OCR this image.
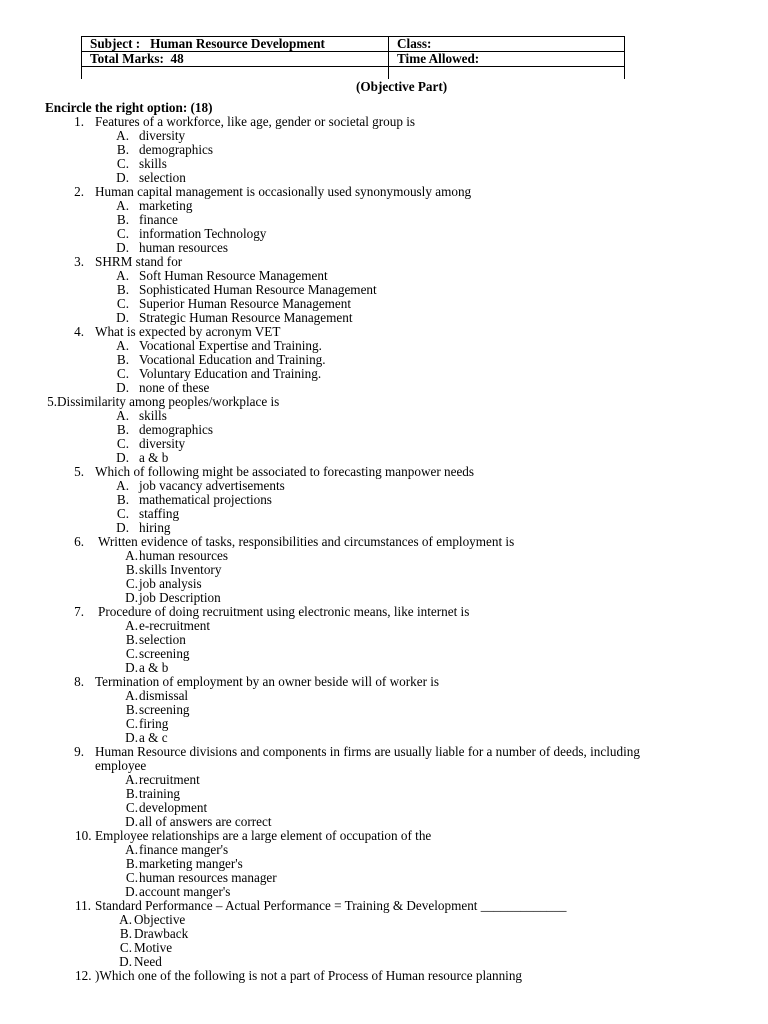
Subject : Human Resource Development	Class:
Total Marks: 48	Time Allowed:

(Objective Part)
Encircle the right option: (18)
1. Features of a workforce, like age, gender or societal group is
A. diversity
B. demographics
C. skills
D. selection
2. Human capital management is occasionally used synonymously among
A. marketing
B. finance
C. information Technology
D. human resources
3. SHRM stand for
A. Soft Human Resource Management
B. Sophisticated Human Resource Management
C. Superior Human Resource Management
D. Strategic Human Resource Management
4. What is expected by acronym VET
A. Vocational Expertise and Training.
B. Vocational Education and Training.
C. Voluntary Education and Training.
D. none of these
5. Dissimilarity among peoples/workplace is
A. skills
B. demographics
C. diversity
D. a & b
5. Which of following might be associated to forecasting manpower needs
A. job vacancy advertisements
B. mathematical projections
C. staffing
D. hiring
6. Written evidence of tasks, responsibilities and circumstances of employment is
A. human resources
B. skills Inventory
C. job analysis
D. job Description
7. Procedure of doing recruitment using electronic means, like internet is
A. e-recruitment
B. selection
C. screening
D. a & b
8. Termination of employment by an owner beside will of worker is
A. dismissal
B. screening
C. firing
D. a & c
9. Human Resource divisions and components in firms are usually liable for a number of deeds, including
employee
A. recruitment
B. training
C. development
D. all of answers are correct
10. Employee relationships are a large element of occupation of the
A. finance manger's
B. marketing manger's
C. human resources manager
D. account manger's
11. Standard Performance – Actual Performance = Training & Development _____________
A. Objective
B. Drawback
C. Motive
D. Need
12. )Which one of the following is not a part of Process of Human resource planning
